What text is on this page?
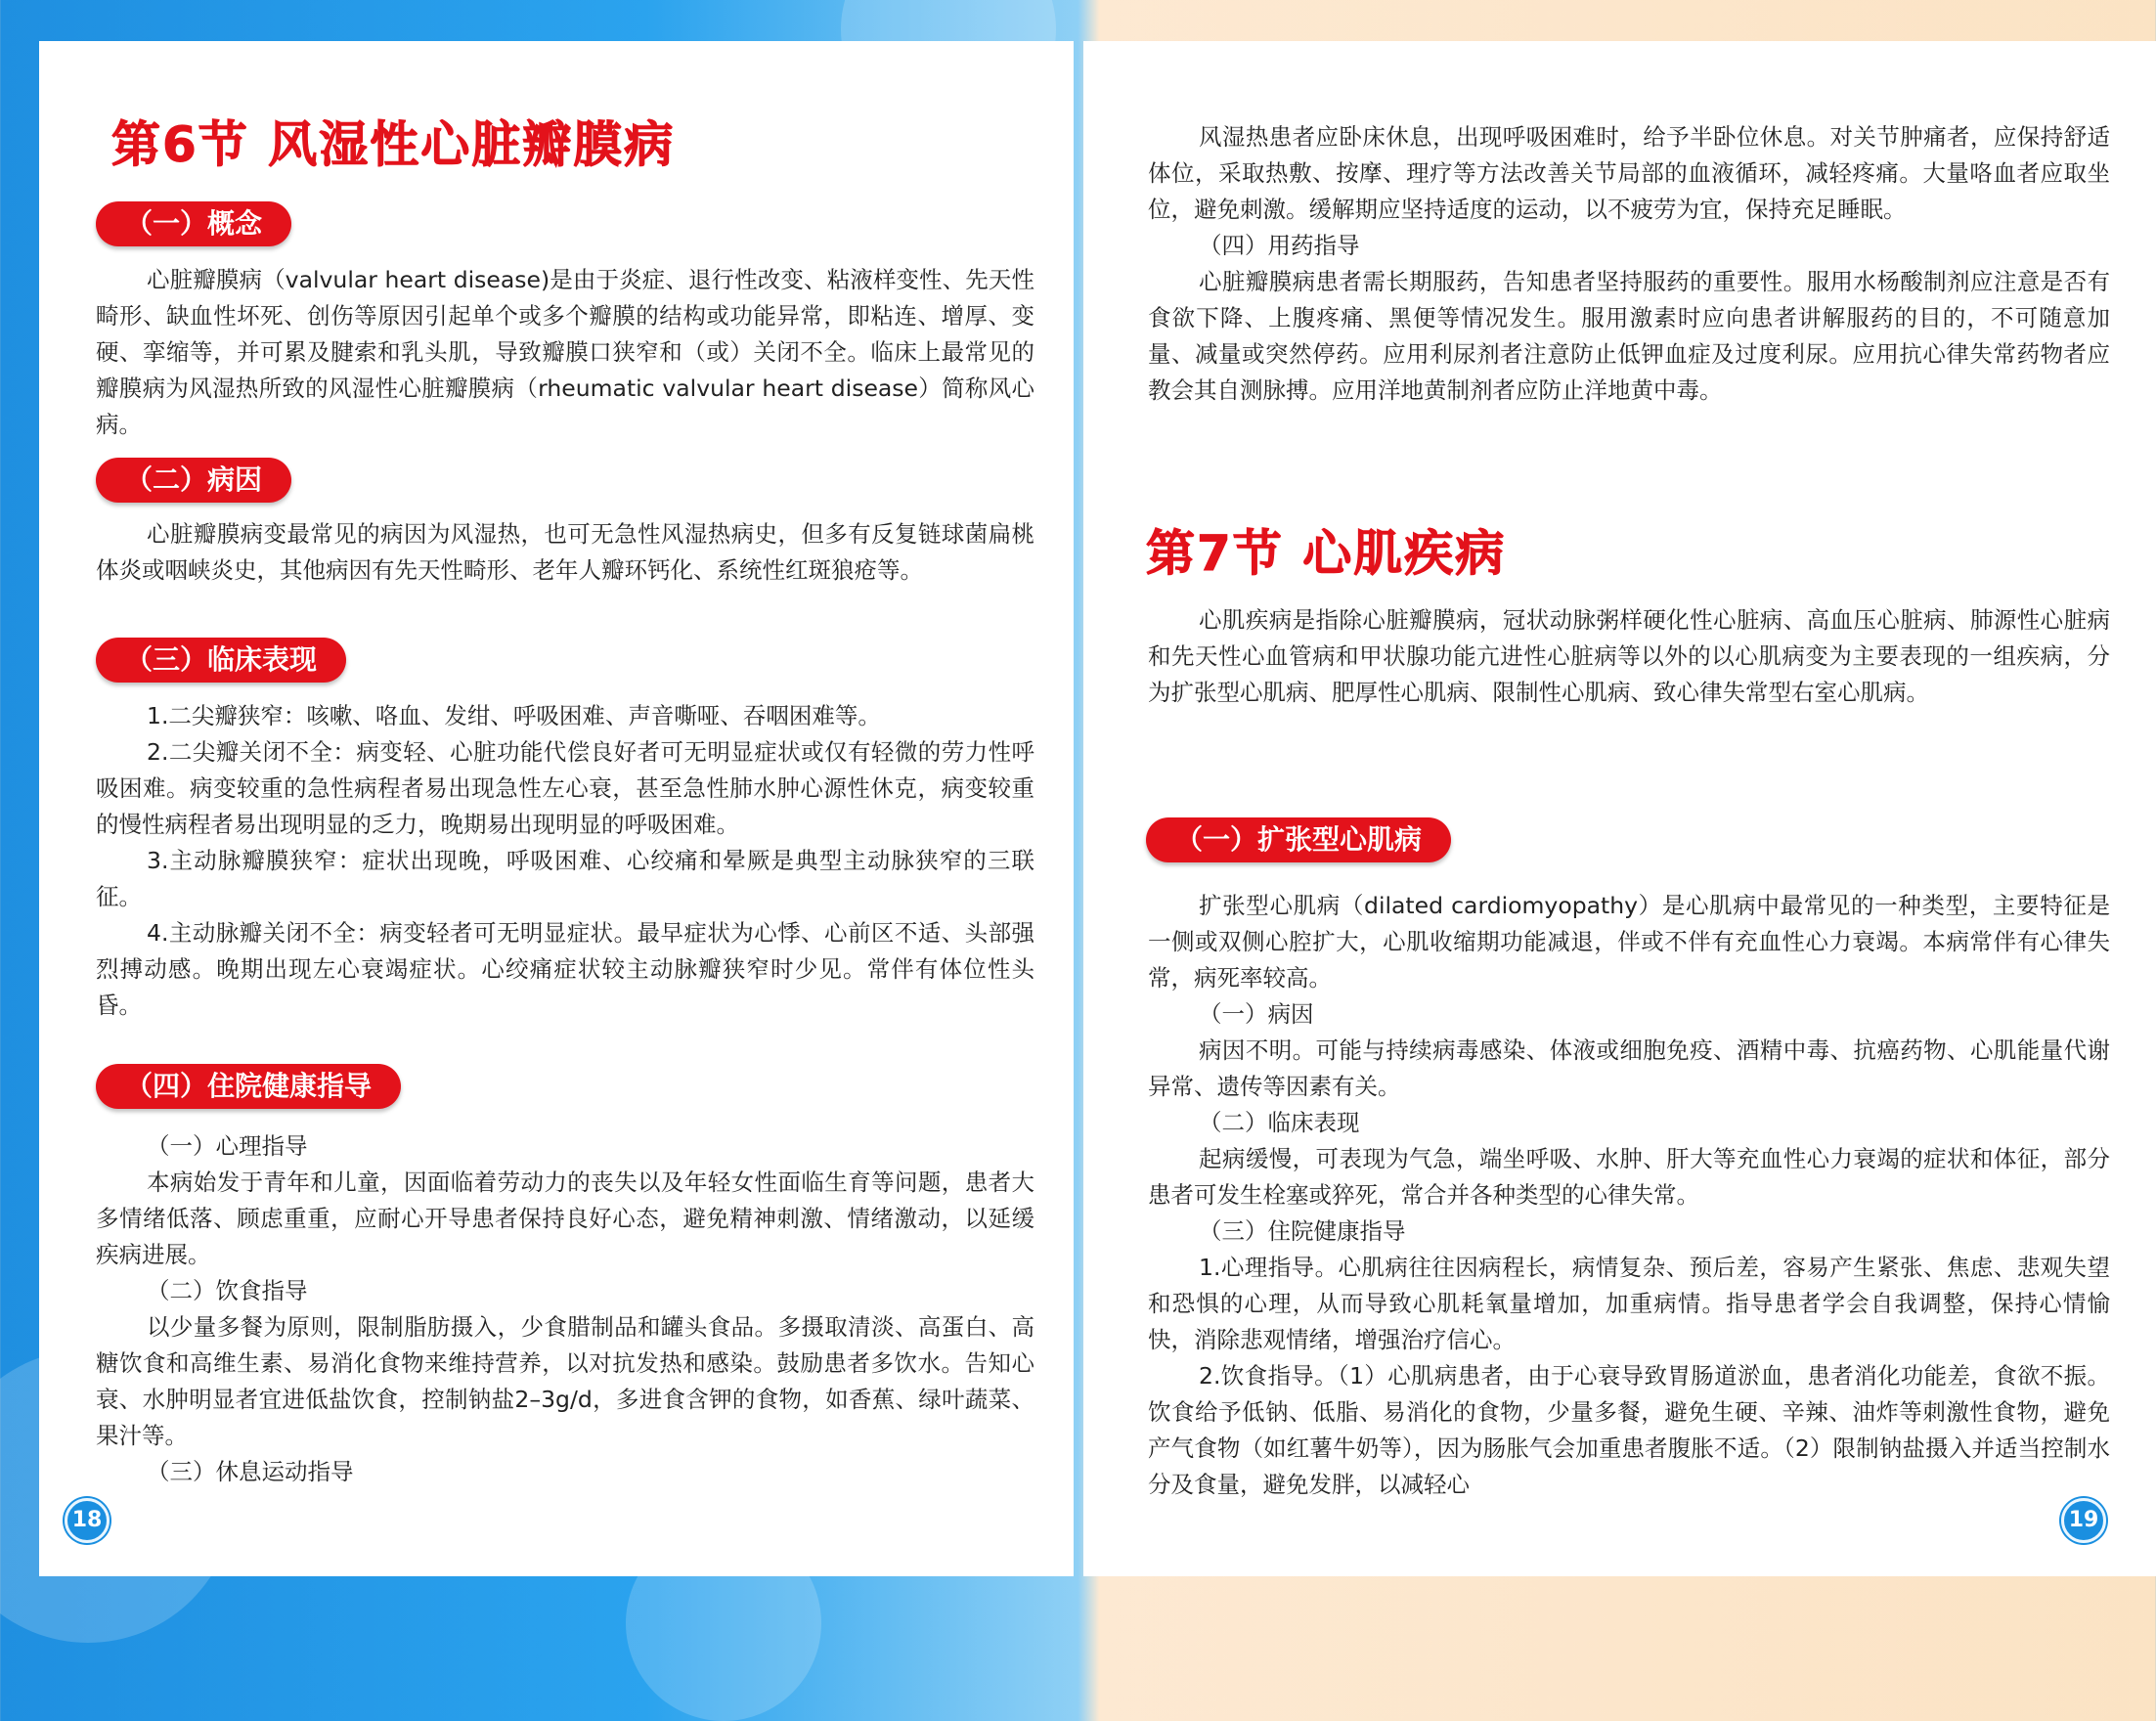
第6节 风湿性心脏瓣膜病
（一）概念

心脏瓣膜病（valvular heart disease)是由于炎症、退行性改变、粘液样变性、先天性畸形、缺血性坏死、创伤等原因引起单个或多个瓣膜的结构或功能异常，即粘连、增厚、变硬、挛缩等，并可累及腱索和乳头肌，导致瓣膜口狭窄和（或）关闭不全。临床上最常见的瓣膜病为风湿热所致的风湿性心脏瓣膜病（rheumatic valvular heart disease）简称风心病。

（二）病因

心脏瓣膜病变最常见的病因为风湿热，也可无急性风湿热病史，但多有反复链球菌扁桃体炎或咽峡炎史，其他病因有先天性畸形、老年人瓣环钙化、系统性红斑狼疮等。

（三）临床表现

1.二尖瓣狭窄：咳嗽、咯血、发绀、呼吸困难、声音嘶哑、吞咽困难等。

2.二尖瓣关闭不全：病变轻、心脏功能代偿良好者可无明显症状或仅有轻微的劳力性呼吸困难。病变较重的急性病程者易出现急性左心衰，甚至急性肺水肿心源性休克，病变较重的慢性病程者易出现明显的乏力，晚期易出现明显的呼吸困难。

3.主动脉瓣膜狭窄：症状出现晚，呼吸困难、心绞痛和晕厥是典型主动脉狭窄的三联征。

4.主动脉瓣关闭不全：病变轻者可无明显症状。最早症状为心悸、心前区不适、头部强烈搏动感。晚期出现左心衰竭症状。心绞痛症状较主动脉瓣狭窄时少见。常伴有体位性头昏。

（四）住院健康指导

（一）心理指导

本病始发于青年和儿童，因面临着劳动力的丧失以及年轻女性面临生育等问题，患者大多情绪低落、顾虑重重，应耐心开导患者保持良好心态，避免精神刺激、情绪激动，以延缓疾病进展。

（二）饮食指导

以少量多餐为原则，限制脂肪摄入，少食腊制品和罐头食品。多摄取清淡、高蛋白、高糖饮食和高维生素、易消化食物来维持营养，以对抗发热和感染。鼓励患者多饮水。告知心衰、水肿明显者宜进低盐饮食，控制钠盐2–3g/d，多进食含钾的食物，如香蕉、绿叶蔬菜、果汁等。

（三）休息运动指导

18

风湿热患者应卧床休息，出现呼吸困难时，给予半卧位休息。对关节肿痛者，应保持舒适体位，采取热敷、按摩、理疗等方法改善关节局部的血液循环，减轻疼痛。大量咯血者应取坐位，避免刺激。缓解期应坚持适度的运动，以不疲劳为宜，保持充足睡眠。

（四）用药指导

心脏瓣膜病患者需长期服药，告知患者坚持服药的重要性。服用水杨酸制剂应注意是否有食欲下降、上腹疼痛、黑便等情况发生。服用激素时应向患者讲解服药的目的，不可随意加量、减量或突然停药。应用利尿剂者注意防止低钾血症及过度利尿。应用抗心律失常药物者应教会其自测脉搏。应用洋地黄制剂者应防止洋地黄中毒。

第7节 心肌疾病

心肌疾病是指除心脏瓣膜病，冠状动脉粥样硬化性心脏病、高血压心脏病、肺源性心脏病和先天性心血管病和甲状腺功能亢进性心脏病等以外的以心肌病变为主要表现的一组疾病，分为扩张型心肌病、肥厚性心肌病、限制性心肌病、致心律失常型右室心肌病。

（一）扩张型心肌病

扩张型心肌病（dilated cardiomyopathy）是心肌病中最常见的一种类型，主要特征是一侧或双侧心腔扩大，心肌收缩期功能减退，伴或不伴有充血性心力衰竭。本病常伴有心律失常，病死率较高。

（一）病因

病因不明。可能与持续病毒感染、体液或细胞免疫、酒精中毒、抗癌药物、心肌能量代谢异常、遗传等因素有关。

（二）临床表现

起病缓慢，可表现为气急，端坐呼吸、水肿、肝大等充血性心力衰竭的症状和体征，部分患者可发生栓塞或猝死，常合并各种类型的心律失常。

（三）住院健康指导

1.心理指导。心肌病往往因病程长，病情复杂、预后差，容易产生紧张、焦虑、悲观失望和恐惧的心理，从而导致心肌耗氧量增加，加重病情。指导患者学会自我调整，保持心情愉快，消除悲观情绪，增强治疗信心。

2.饮食指导。（1）心肌病患者，由于心衰导致胃肠道淤血，患者消化功能差，食欲不振。饮食给予低钠、低脂、易消化的食物，少量多餐，避免生硬、辛辣、油炸等刺激性食物，避免产气食物（如红薯牛奶等），因为肠胀气会加重患者腹胀不适。（2）限制钠盐摄入并适当控制水分及食量，避免发胖，以减轻心

19
